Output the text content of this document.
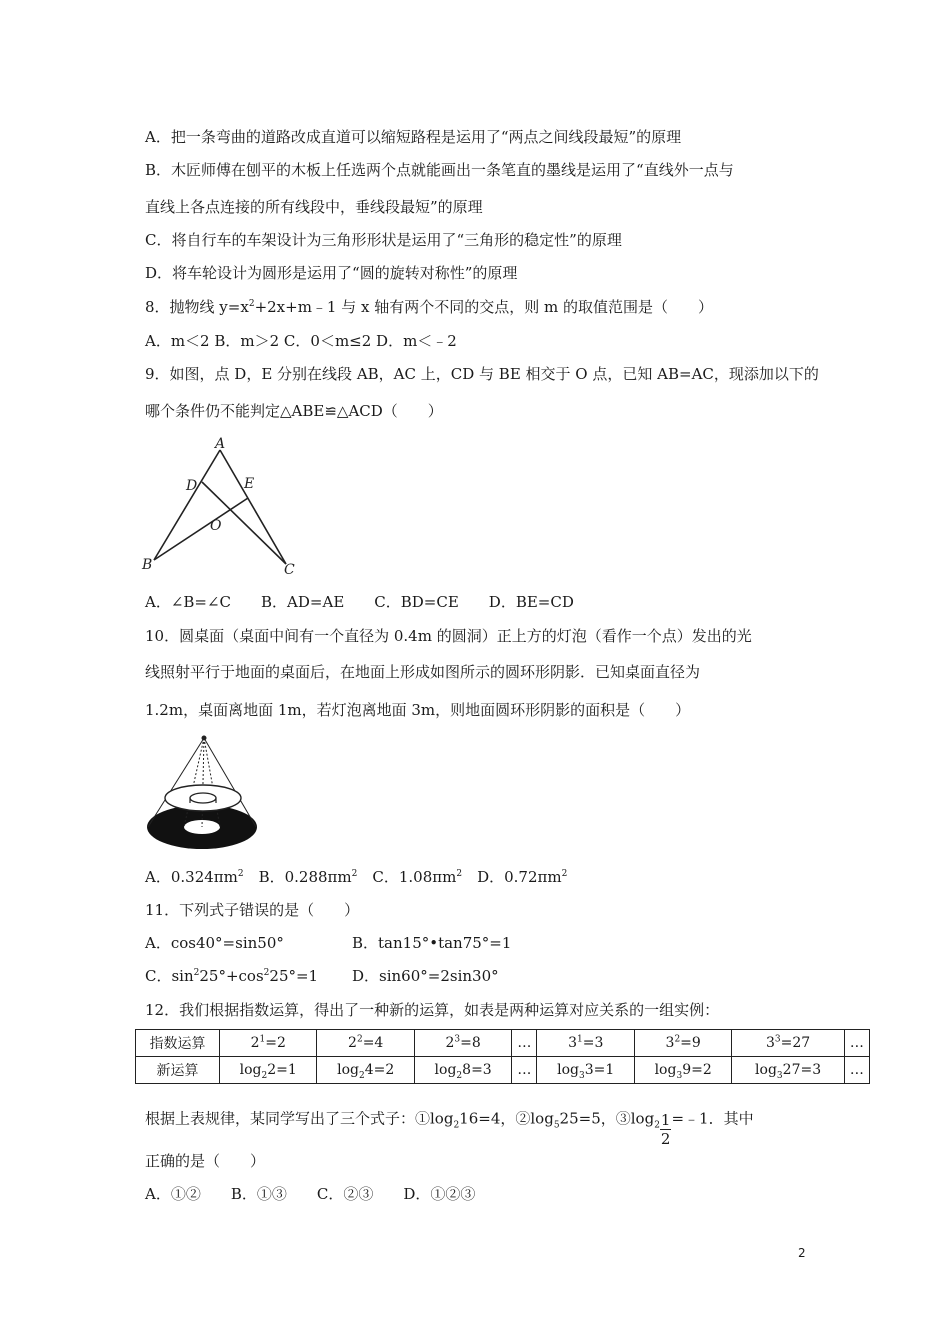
A．把一条弯曲的道路改成直道可以缩短路程是运用了“两点之间线段最短”的原理
B．木匠师傅在刨平的木板上任选两个点就能画出一条笔直的墨线是运用了“直线外一点与
直线上各点连接的所有线段中，垂线段最短”的原理
C．将自行车的车架设计为三角形形状是运用了“三角形的稳定性”的原理
D．将车轮设计为圆形是运用了“圆的旋转对称性”的原理
8．抛物线 $y=x^2+2x+m﹣1$ 与 x 轴有两个不同的交点，则 m 的取值范围是（　　）
A．m＜2 B．m＞2 C．0＜m≤2 D．m＜﹣2
9．如图，点 D，E 分别在线段 AB，AC 上，CD 与 BE 相交于 O 点，已知 AB=AC，现添加以下的
哪个条件仍不能判定△ABE≌△ACD（　　）
A
B	C
D	E
O
A．∠B=∠C　　B．AD=AE　　C．BD=CE　　D．BE=CD
10．圆桌面（桌面中间有一个直径为 0.4m 的圆洞）正上方的灯泡（看作一个点）发出的光
线照射平行于地面的桌面后，在地面上形成如图所示的圆环形阴影．已知桌面直径为
1.2m，桌面离地面 1m，若灯泡离地面 3m，则地面圆环形阴影的面积是（　　）
A．$0.324\pi m^2$　B．$0.288\pi m^2$　C．$1.08\pi m^2$　D．$0.72\pi m^2$
11．下列式子错误的是（　　）
A．cos40°=sin50°	B．tan15°•tan75°=1
C．$\sin^225^\circ+\cos^225^\circ=1$ D．sin60°=2sin30°
12．我们根据指数运算，得出了一种新的运算，如表是两种运算对应关系的一组实例：
指数运算	$2^1=2$	$2^2=4$	$2^3=8$	…	$3^1=3$	$3^2=9$	$3^3=27$	…
新运算	$\log_22=1$	$\log_24=2$	$\log_28=3$	…	$\log_33=1$	$\log_39=2$	$\log_327=3$	…
根据上表规律，某同学写出了三个式子：$①\log_216=4$，$②\log_525=5$，$③\log_2 \frac{1}{2}$ =﹣1．其中
正确的是（　　）
A．①②　　B．①③　　C．②③　　D．①②③
2
